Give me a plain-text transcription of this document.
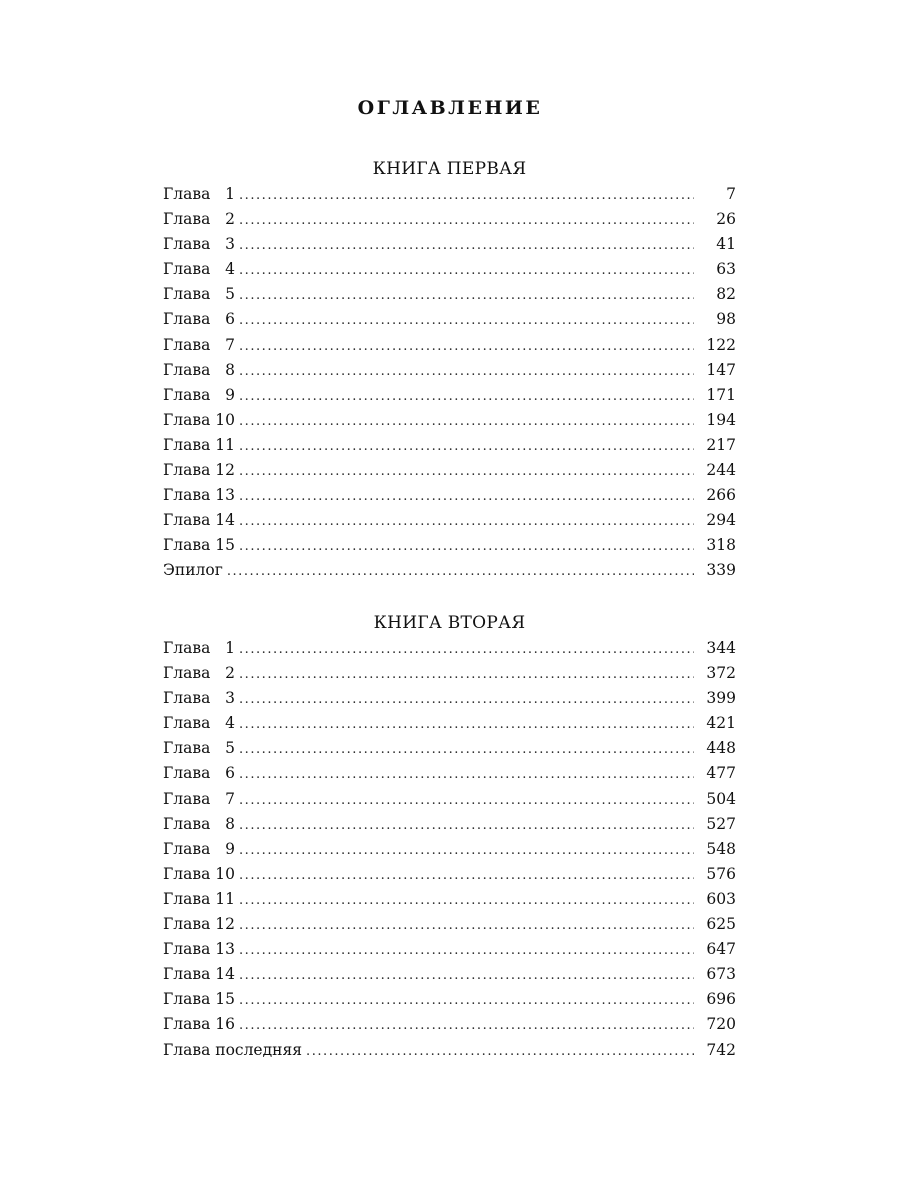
ОГЛАВЛЕНИЕ
КНИГА ПЕРВАЯ
Глава 1 . . .	7
Глава 2 . . .	26
Глава 3 . . .	41
Глава 4 . . .	63
Глава 5 . . .	82
Глава 6 . . .	98
Глава 7 . . .	122
Глава 8 . . .	147
Глава 9 . . .	171
Глава 10 . . .	194
Глава 11 . . .	217
Глава 12 . . .	244
Глава 13 . . .	266
Глава 14 . . .	294
Глава 15 . . .	318
Эпилог . . .	339
КНИГА ВТОРАЯ
Глава 1 . . .	344
Глава 2 . . .	372
Глава 3 . . .	399
Глава 4 . . .	421
Глава 5 . . .	448
Глава 6 . . .	477
Глава 7 . . .	504
Глава 8 . . .	527
Глава 9 . . .	548
Глава 10 . . .	576
Глава 11 . . .	603
Глава 12 . . .	625
Глава 13 . . .	647
Глава 14 . . .	673
Глава 15 . . .	696
Глава 16 . . .	720
Глава последняя . . .	742
